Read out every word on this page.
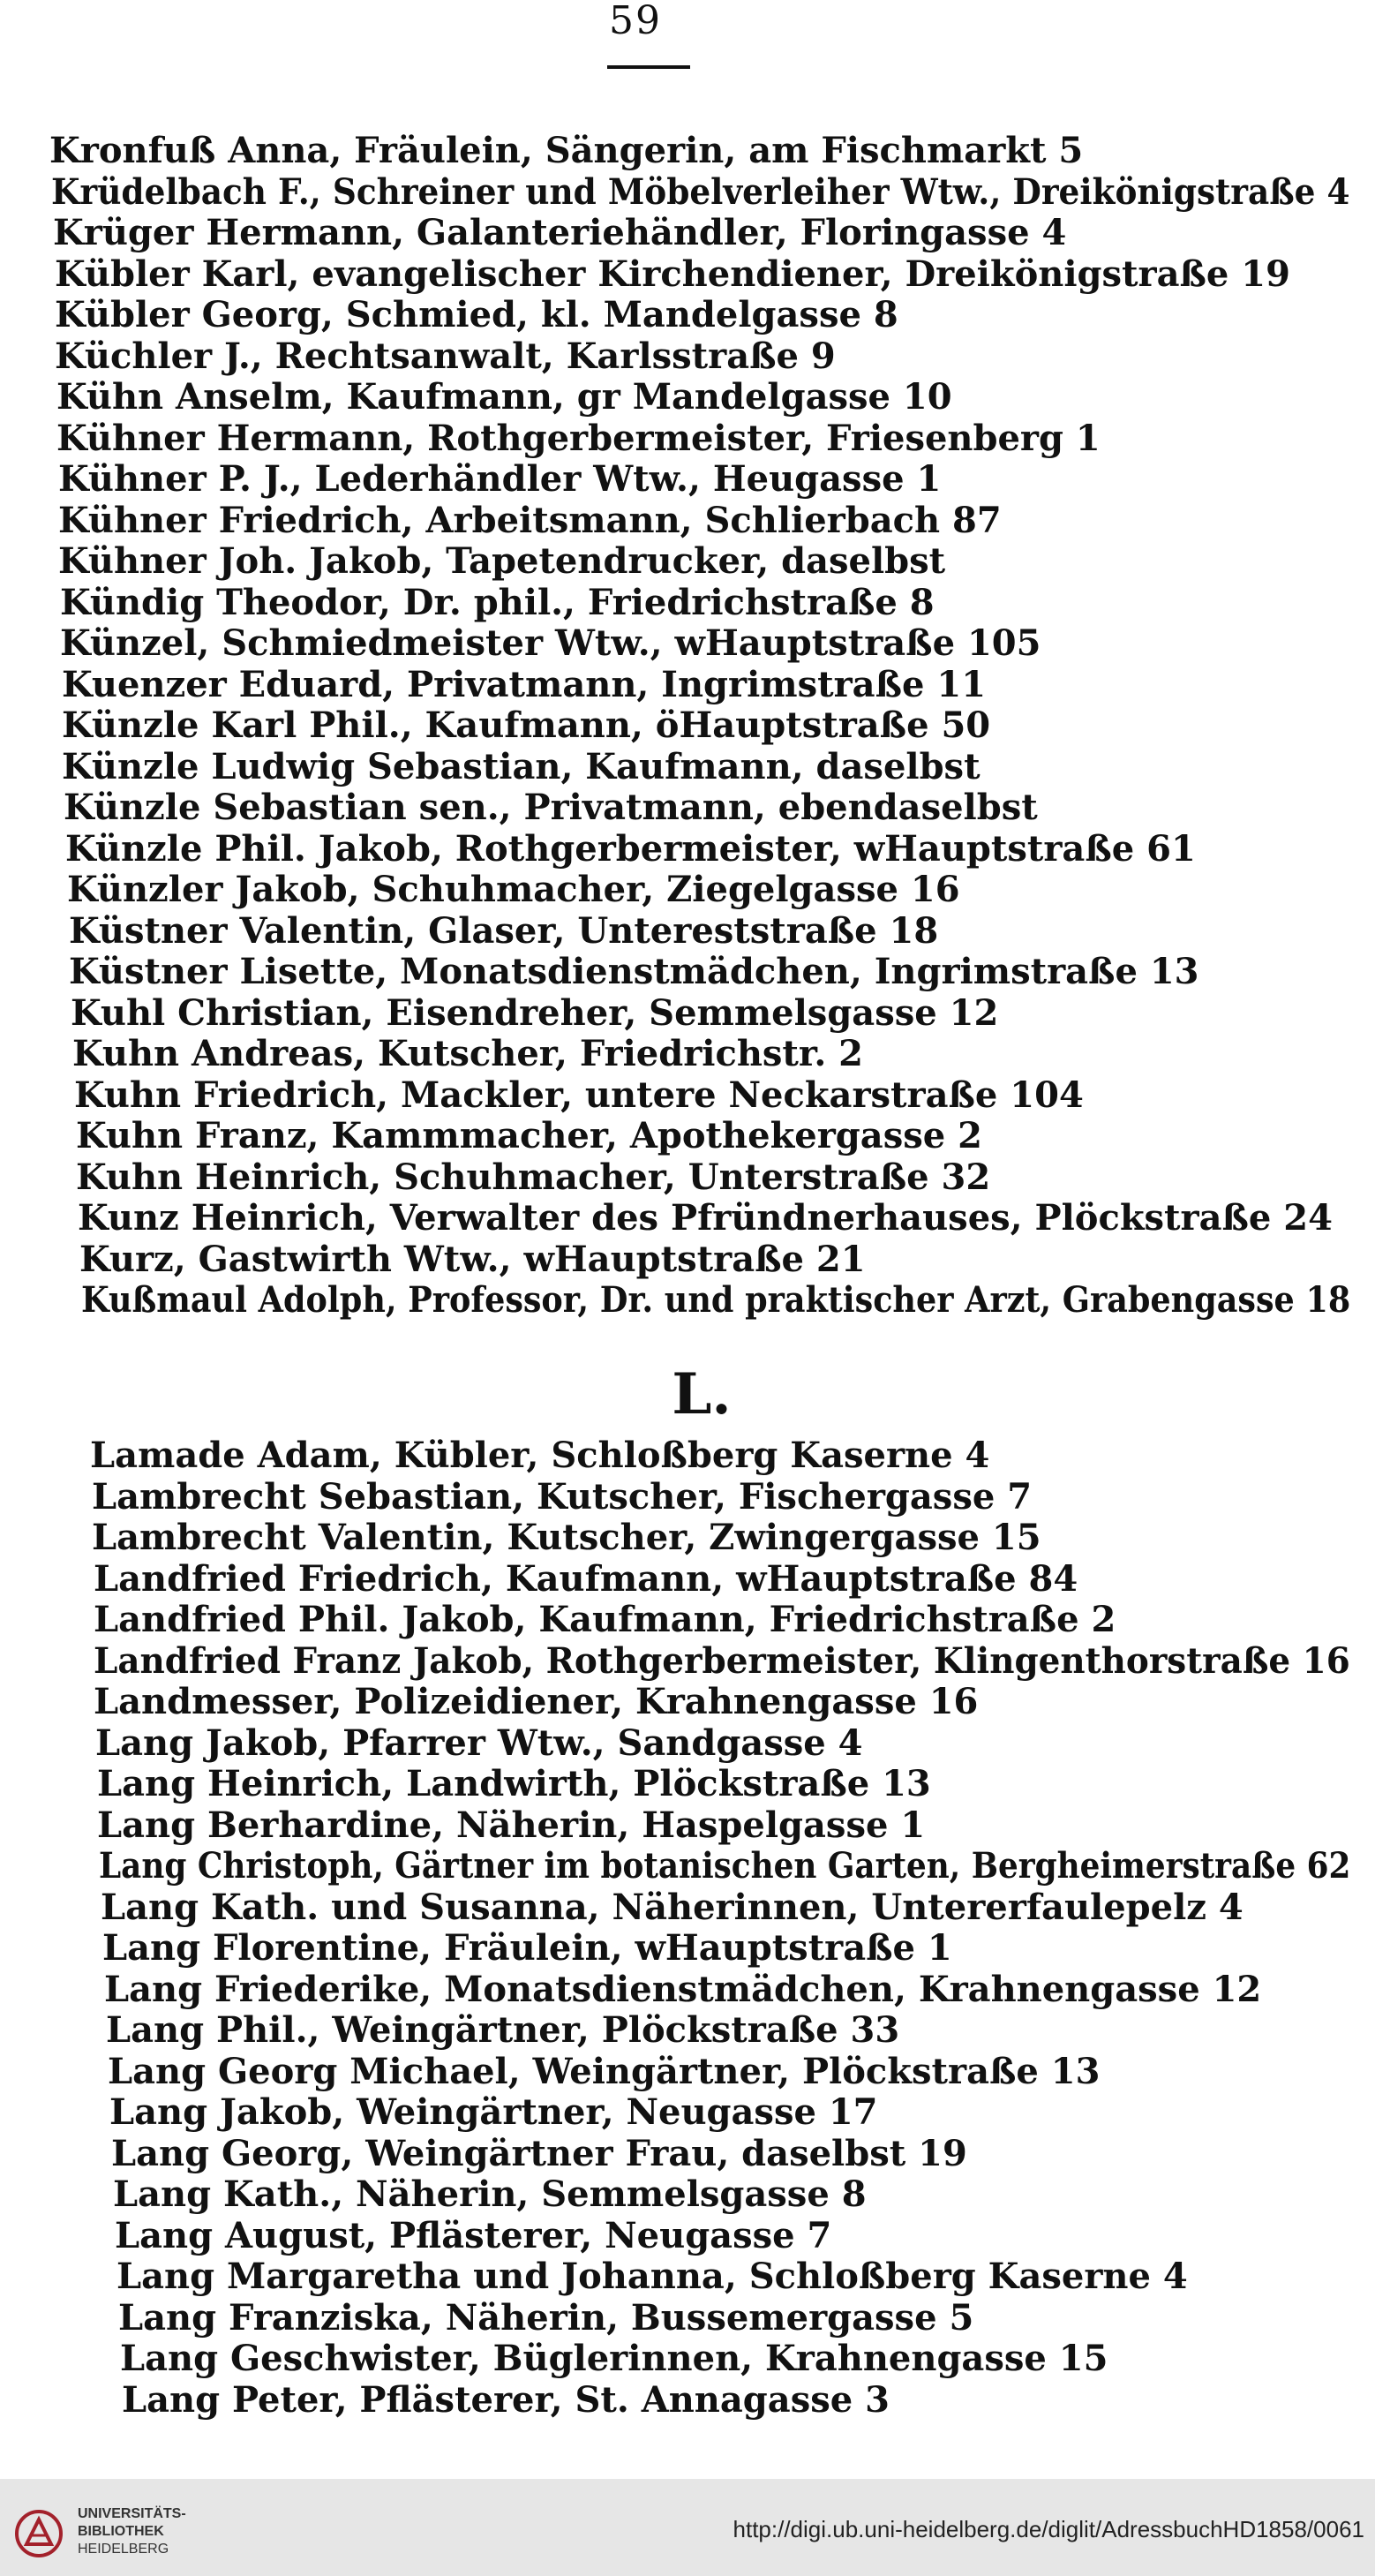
59
Kronfuß Anna, Fräulein, Sängerin, am Fischmarkt 5
Krüdelbach F., Schreiner und Möbelverleiher Wtw., Dreikönigstraße 4
Krüger Hermann, Galanteriehändler, Floringasse 4
Kübler Karl, evangelischer Kirchendiener, Dreikönigstraße 19
Kübler Georg, Schmied, kl. Mandelgasse 8
Küchler J., Rechtsanwalt, Karlsstraße 9
Kühn Anselm, Kaufmann, gr Mandelgasse 10
Kühner Hermann, Rothgerbermeister, Friesenberg 1
Kühner P. J., Lederhändler Wtw., Heugasse 1
Kühner Friedrich, Arbeitsmann, Schlierbach 87
Kühner Joh. Jakob, Tapetendrucker, daselbst
Kündig Theodor, Dr. phil., Friedrichstraße 8
Künzel, Schmiedmeister Wtw., wHauptstraße 105
Kuenzer Eduard, Privatmann, Ingrimstraße 11
Künzle Karl Phil., Kaufmann, öHauptstraße 50
Künzle Ludwig Sebastian, Kaufmann, daselbst
Künzle Sebastian sen., Privatmann, ebendaselbst
Künzle Phil. Jakob, Rothgerbermeister, wHauptstraße 61
Künzler Jakob, Schuhmacher, Ziegelgasse 16
Küstner Valentin, Glaser, Untereststraße 18
Küstner Lisette, Monatsdienstmädchen, Ingrimstraße 13
Kuhl Christian, Eisendreher, Semmelsgasse 12
Kuhn Andreas, Kutscher, Friedrichstr. 2
Kuhn Friedrich, Mackler, untere Neckarstraße 104
Kuhn Franz, Kammmacher, Apothekergasse 2
Kuhn Heinrich, Schuhmacher, Unterstraße 32
Kunz Heinrich, Verwalter des Pfründnerhauses, Plöckstraße 24
Kurz, Gastwirth Wtw., wHauptstraße 21
Kußmaul Adolph, Professor, Dr. und praktischer Arzt, Grabengasse 18
L.
Lamade Adam, Kübler, Schloßberg Kaserne 4
Lambrecht Sebastian, Kutscher, Fischergasse 7
Lambrecht Valentin, Kutscher, Zwingergasse 15
Landfried Friedrich, Kaufmann, wHauptstraße 84
Landfried Phil. Jakob, Kaufmann, Friedrichstraße 2
Landfried Franz Jakob, Rothgerbermeister, Klingenthorstraße 16
Landmesser, Polizeidiener, Krahnengasse 16
Lang Jakob, Pfarrer Wtw., Sandgasse 4
Lang Heinrich, Landwirth, Plöckstraße 13
Lang Berhardine, Näherin, Haspelgasse 1
Lang Christoph, Gärtner im botanischen Garten, Bergheimerstraße 62
Lang Kath. und Susanna, Näherinnen, Untererfaulepelz 4
Lang Florentine, Fräulein, wHauptstraße 1
Lang Friederike, Monatsdienstmädchen, Krahnengasse 12
Lang Phil., Weingärtner, Plöckstraße 33
Lang Georg Michael, Weingärtner, Plöckstraße 13
Lang Jakob, Weingärtner, Neugasse 17
Lang Georg, Weingärtner Frau, daselbst 19
Lang Kath., Näherin, Semmelsgasse 8
Lang August, Pflästerer, Neugasse 7
Lang Margaretha und Johanna, Schloßberg Kaserne 4
Lang Franziska, Näherin, Bussemergasse 5
Lang Geschwister, Büglerinnen, Krahnengasse 15
Lang Peter, Pflästerer, St. Annagasse 3
UNIVERSITÄTS-
BIBLIOTHEK
HEIDELBERG
http://digi.ub.uni-heidelberg.de/diglit/AdressbuchHD1858/0061
